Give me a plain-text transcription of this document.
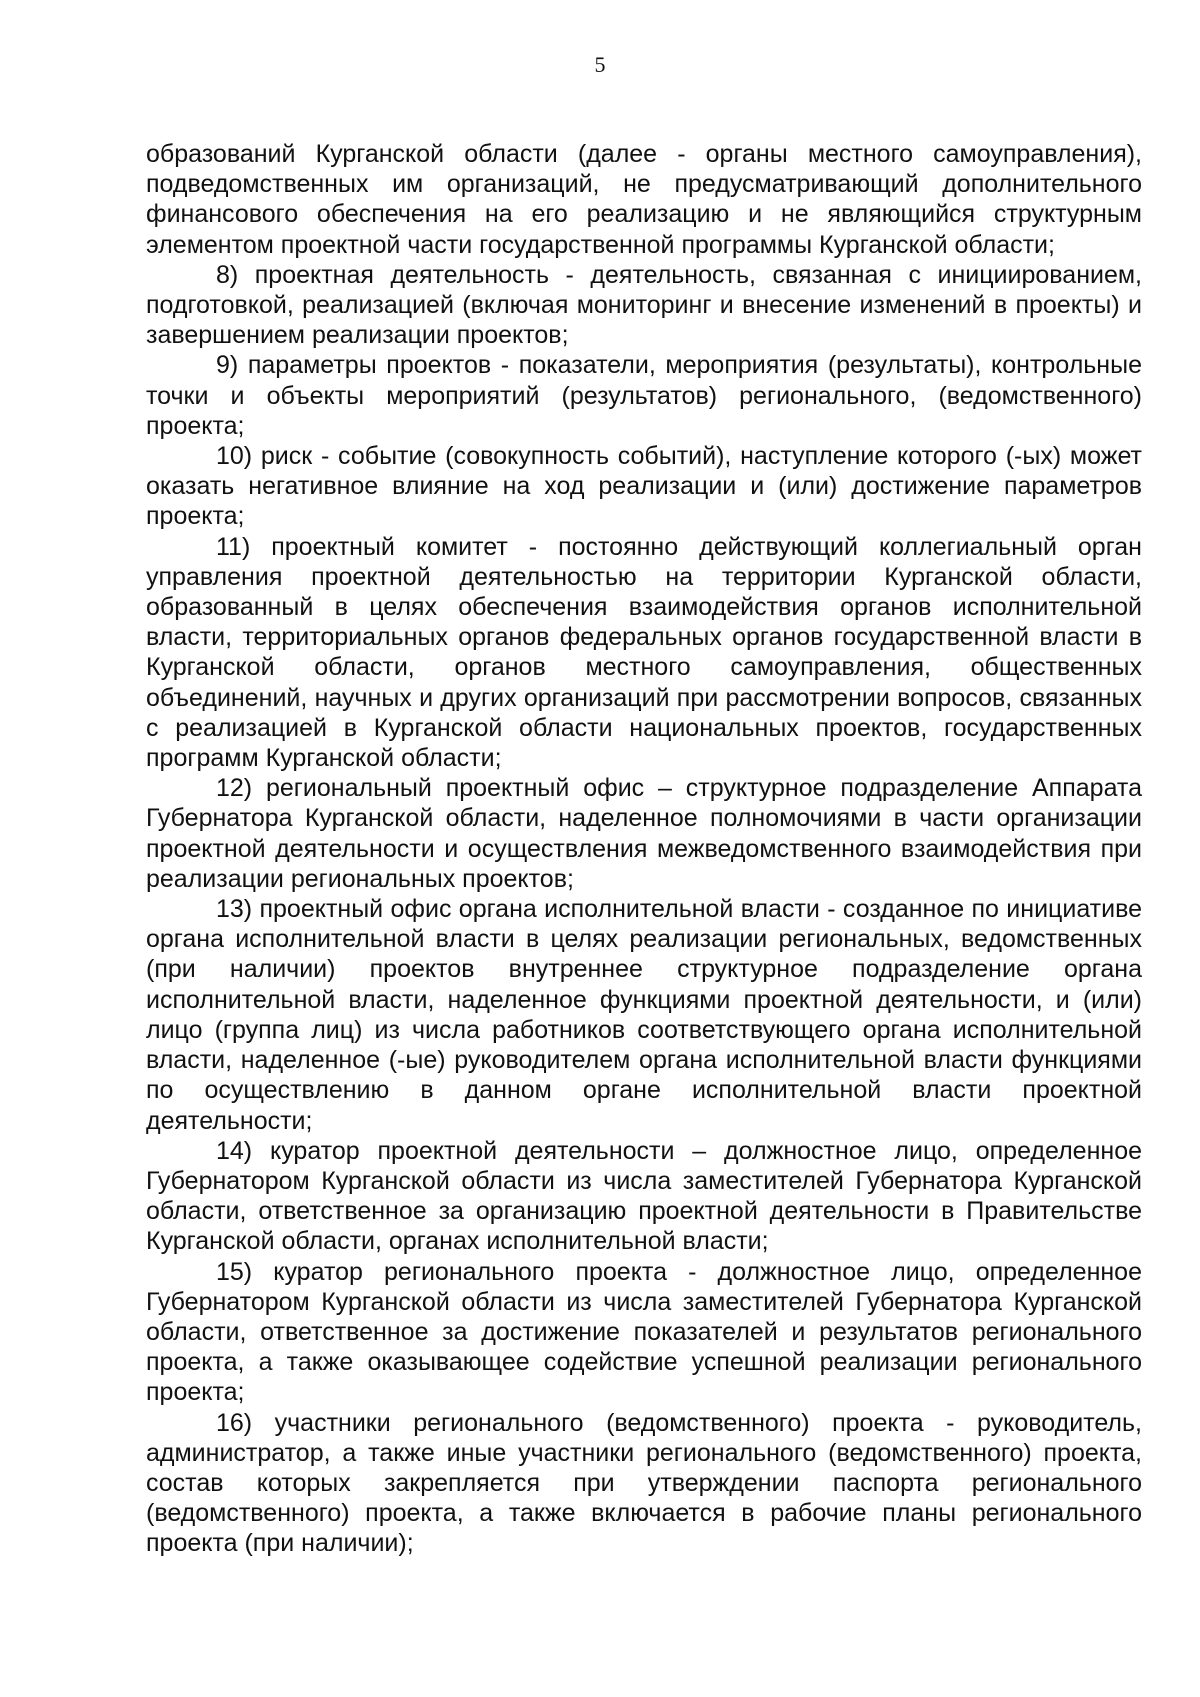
5

образований Курганской области (далее - органы местного самоуправления), подведомственных им организаций, не предусматривающий дополнительного финансового обеспечения на его реализацию и не являющийся структурным элементом проектной части государственной программы Курганской области;

8) проектная деятельность - деятельность, связанная с инициированием, подготовкой, реализацией (включая мониторинг и внесение изменений в проекты) и завершением реализации проектов;

9) параметры проектов - показатели, мероприятия (результаты), контрольные точки и объекты мероприятий (результатов) регионального, (ведомственного) проекта;

10) риск - событие (совокупность событий), наступление которого (-ых) может оказать негативное влияние на ход реализации и (или) достижение параметров проекта;

11) проектный комитет - постоянно действующий коллегиальный орган управления проектной деятельностью на территории Курганской области, образованный в целях обеспечения взаимодействия органов исполнительной власти, территориальных органов федеральных органов государственной власти в Курганской области, органов местного самоуправления, общественных объединений, научных и других организаций при рассмотрении вопросов, связанных с реализацией в Курганской области национальных проектов, государственных программ Курганской области;

12) региональный проектный офис – структурное подразделение Аппарата Губернатора Курганской области, наделенное полномочиями в части организации проектной деятельности и осуществления межведомственного взаимодействия при реализации региональных проектов;

13) проектный офис органа исполнительной власти - созданное по инициативе органа исполнительной власти в целях реализации региональных, ведомственных (при наличии) проектов внутреннее структурное подразделение органа исполнительной власти, наделенное функциями проектной деятельности, и (или) лицо (группа лиц) из числа работников соответствующего органа исполнительной власти, наделенное (-ые) руководителем органа исполнительной власти функциями по осуществлению в данном органе исполнительной власти проектной деятельности;

14) куратор проектной деятельности – должностное лицо, определенное Губернатором Курганской области из числа заместителей Губернатора Курганской области, ответственное за организацию проектной деятельности в Правительстве Курганской области, органах исполнительной власти;

15) куратор регионального проекта - должностное лицо, определенное Губернатором Курганской области из числа заместителей Губернатора Курганской области, ответственное за достижение показателей и результатов регионального проекта, а также оказывающее содействие успешной реализации регионального проекта;

16) участники регионального (ведомственного) проекта - руководитель, администратор, а также иные участники регионального (ведомственного) проекта, состав которых закрепляется при утверждении паспорта регионального (ведомственного) проекта, а также включается в рабочие планы регионального проекта (при наличии);
